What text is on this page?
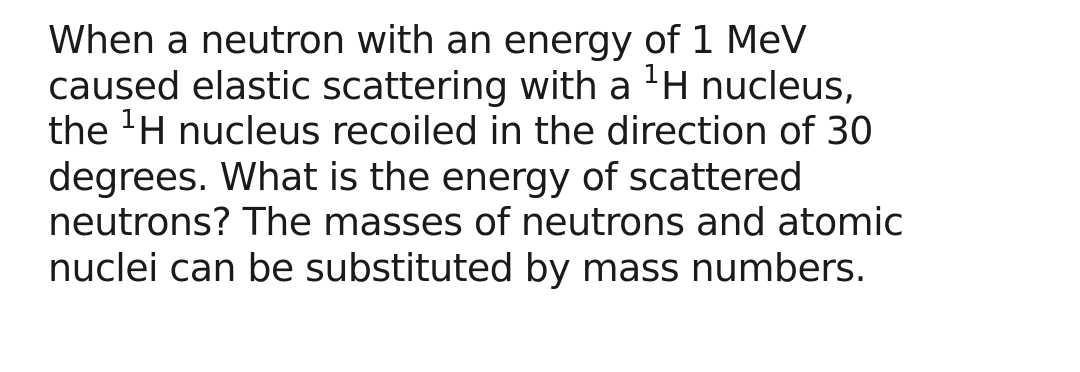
When a neutron with an energy of 1 MeV
caused elastic scattering with a $^1$H nucleus,
the $^1$H nucleus recoiled in the direction of 30
degrees. What is the energy of scattered
neutrons? The masses of neutrons and atomic
nuclei can be substituted by mass numbers.
